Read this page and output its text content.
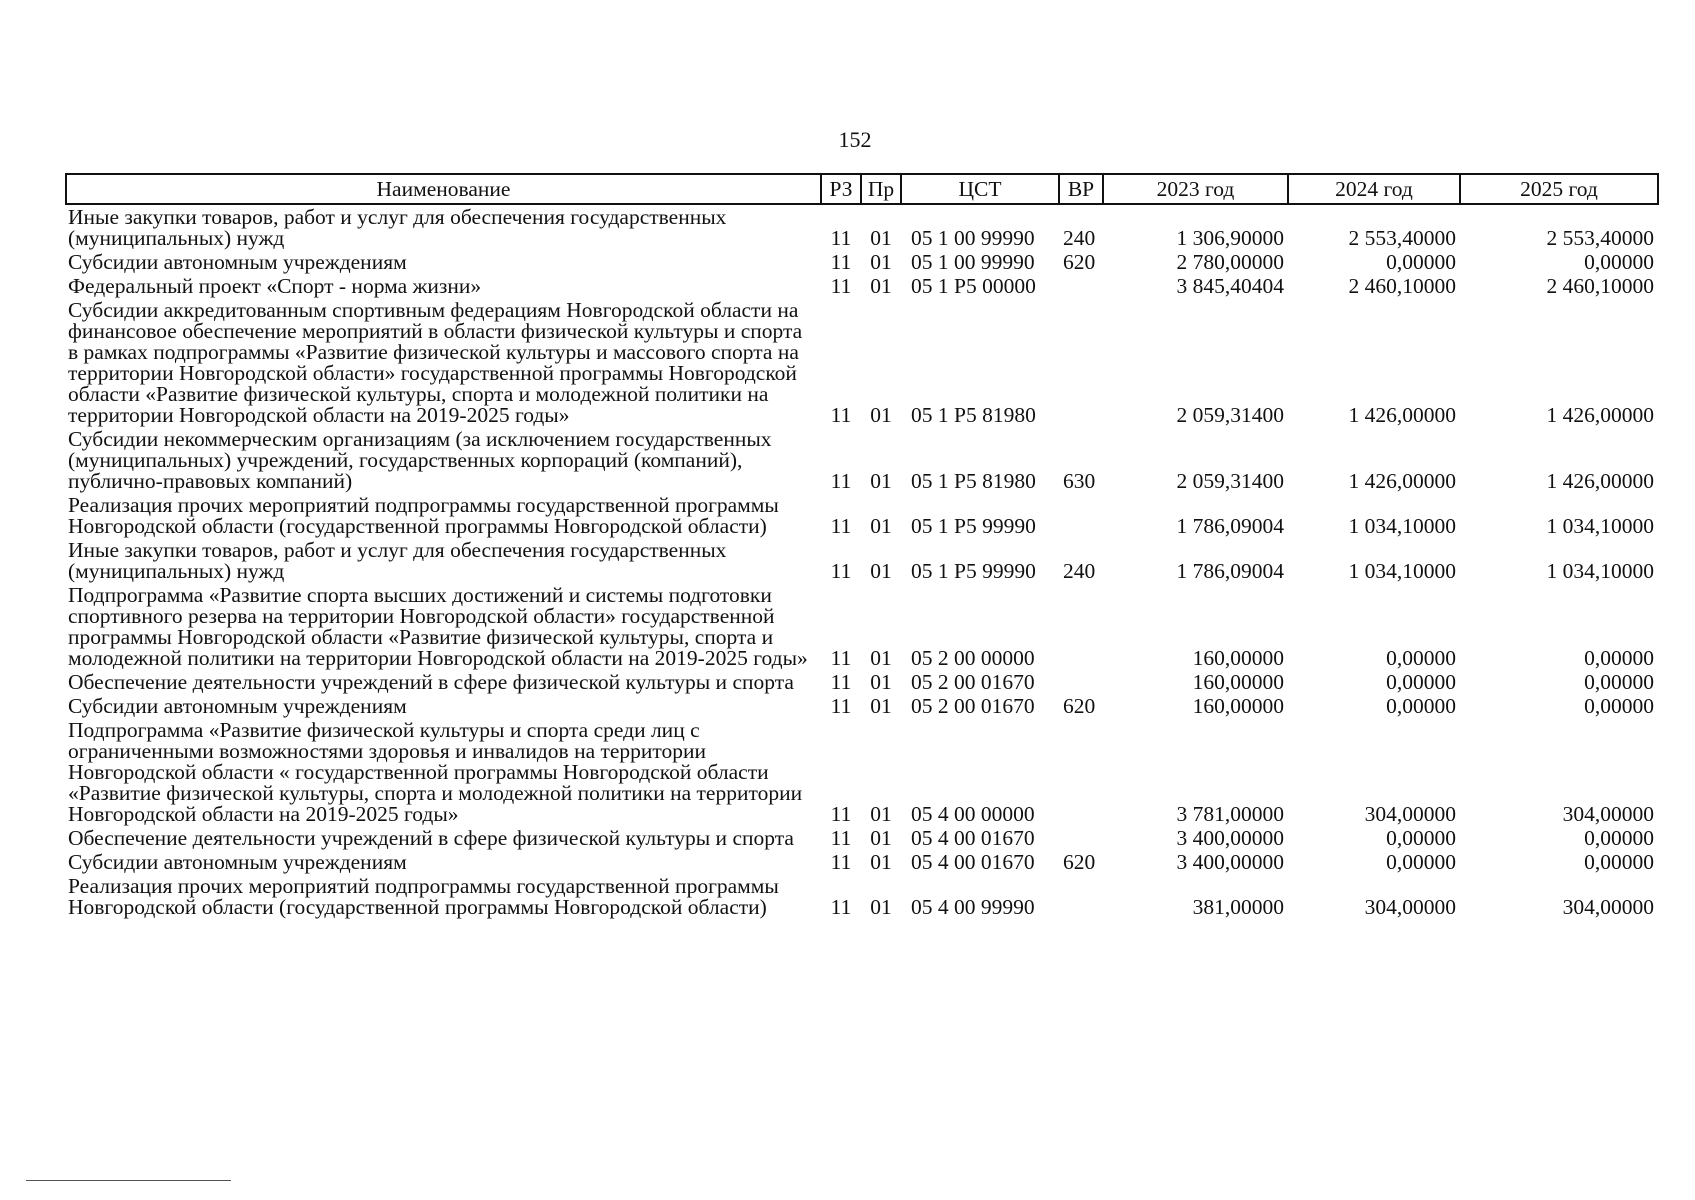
152
Наименование	РЗ	Пр	ЦСТ	ВР	2023 год	2024 год	2025 год
Иные закупки товаров, работ и услуг для обеспечения государственных (муниципальных) нужд	11	01	05 1 00 99990	240	1 306,90000	2 553,40000	2 553,40000
Субсидии автономным учреждениям	11	01	05 1 00 99990	620	2 780,00000	0,00000	0,00000
Федеральный проект «Спорт - норма жизни»	11	01	05 1 Р5 00000		3 845,40404	2 460,10000	2 460,10000
Субсидии аккредитованным спортивным федерациям Новгородской области на финансовое обеспечение мероприятий в области физической культуры и спорта в рамках подпрограммы «Развитие физической культуры и массового спорта на территории Новгородской области» государственной программы Новгородской области «Развитие физической культуры, спорта и молодежной политики на территории Новгородской области на 2019-2025 годы»	11	01	05 1 Р5 81980		2 059,31400	1 426,00000	1 426,00000
Субсидии некоммерческим организациям (за исключением государственных (муниципальных) учреждений, государственных корпораций (компаний), публично-правовых компаний)	11	01	05 1 Р5 81980	630	2 059,31400	1 426,00000	1 426,00000
Реализация прочих мероприятий подпрограммы государственной программы Новгородской области (государственной программы Новгородской области)	11	01	05 1 Р5 99990		1 786,09004	1 034,10000	1 034,10000
Иные закупки товаров, работ и услуг для обеспечения государственных (муниципальных) нужд	11	01	05 1 Р5 99990	240	1 786,09004	1 034,10000	1 034,10000
Подпрограмма «Развитие спорта высших достижений и системы подготовки спортивного резерва на территории Новгородской области» государственной программы Новгородской области «Развитие физической культуры, спорта и молодежной политики на территории Новгородской области на 2019-2025 годы»	11	01	05 2 00 00000		160,00000	0,00000	0,00000
Обеспечение деятельности учреждений в сфере физической культуры и спорта	11	01	05 2 00 01670		160,00000	0,00000	0,00000
Субсидии автономным учреждениям	11	01	05 2 00 01670	620	160,00000	0,00000	0,00000
Подпрограмма «Развитие физической культуры и спорта среди лиц с ограниченными возможностями здоровья и инвалидов на территории Новгородской области « государственной программы Новгородской области «Развитие физической культуры, спорта и молодежной политики на территории Новгородской области на 2019-2025 годы»	11	01	05 4 00 00000		3 781,00000	304,00000	304,00000
Обеспечение деятельности учреждений в сфере физической культуры и спорта	11	01	05 4 00 01670		3 400,00000	0,00000	0,00000
Субсидии автономным учреждениям	11	01	05 4 00 01670	620	3 400,00000	0,00000	0,00000
Реализация прочих мероприятий подпрограммы государственной программы Новгородской области (государственной программы Новгородской области)	11	01	05 4 00 99990		381,00000	304,00000	304,00000
